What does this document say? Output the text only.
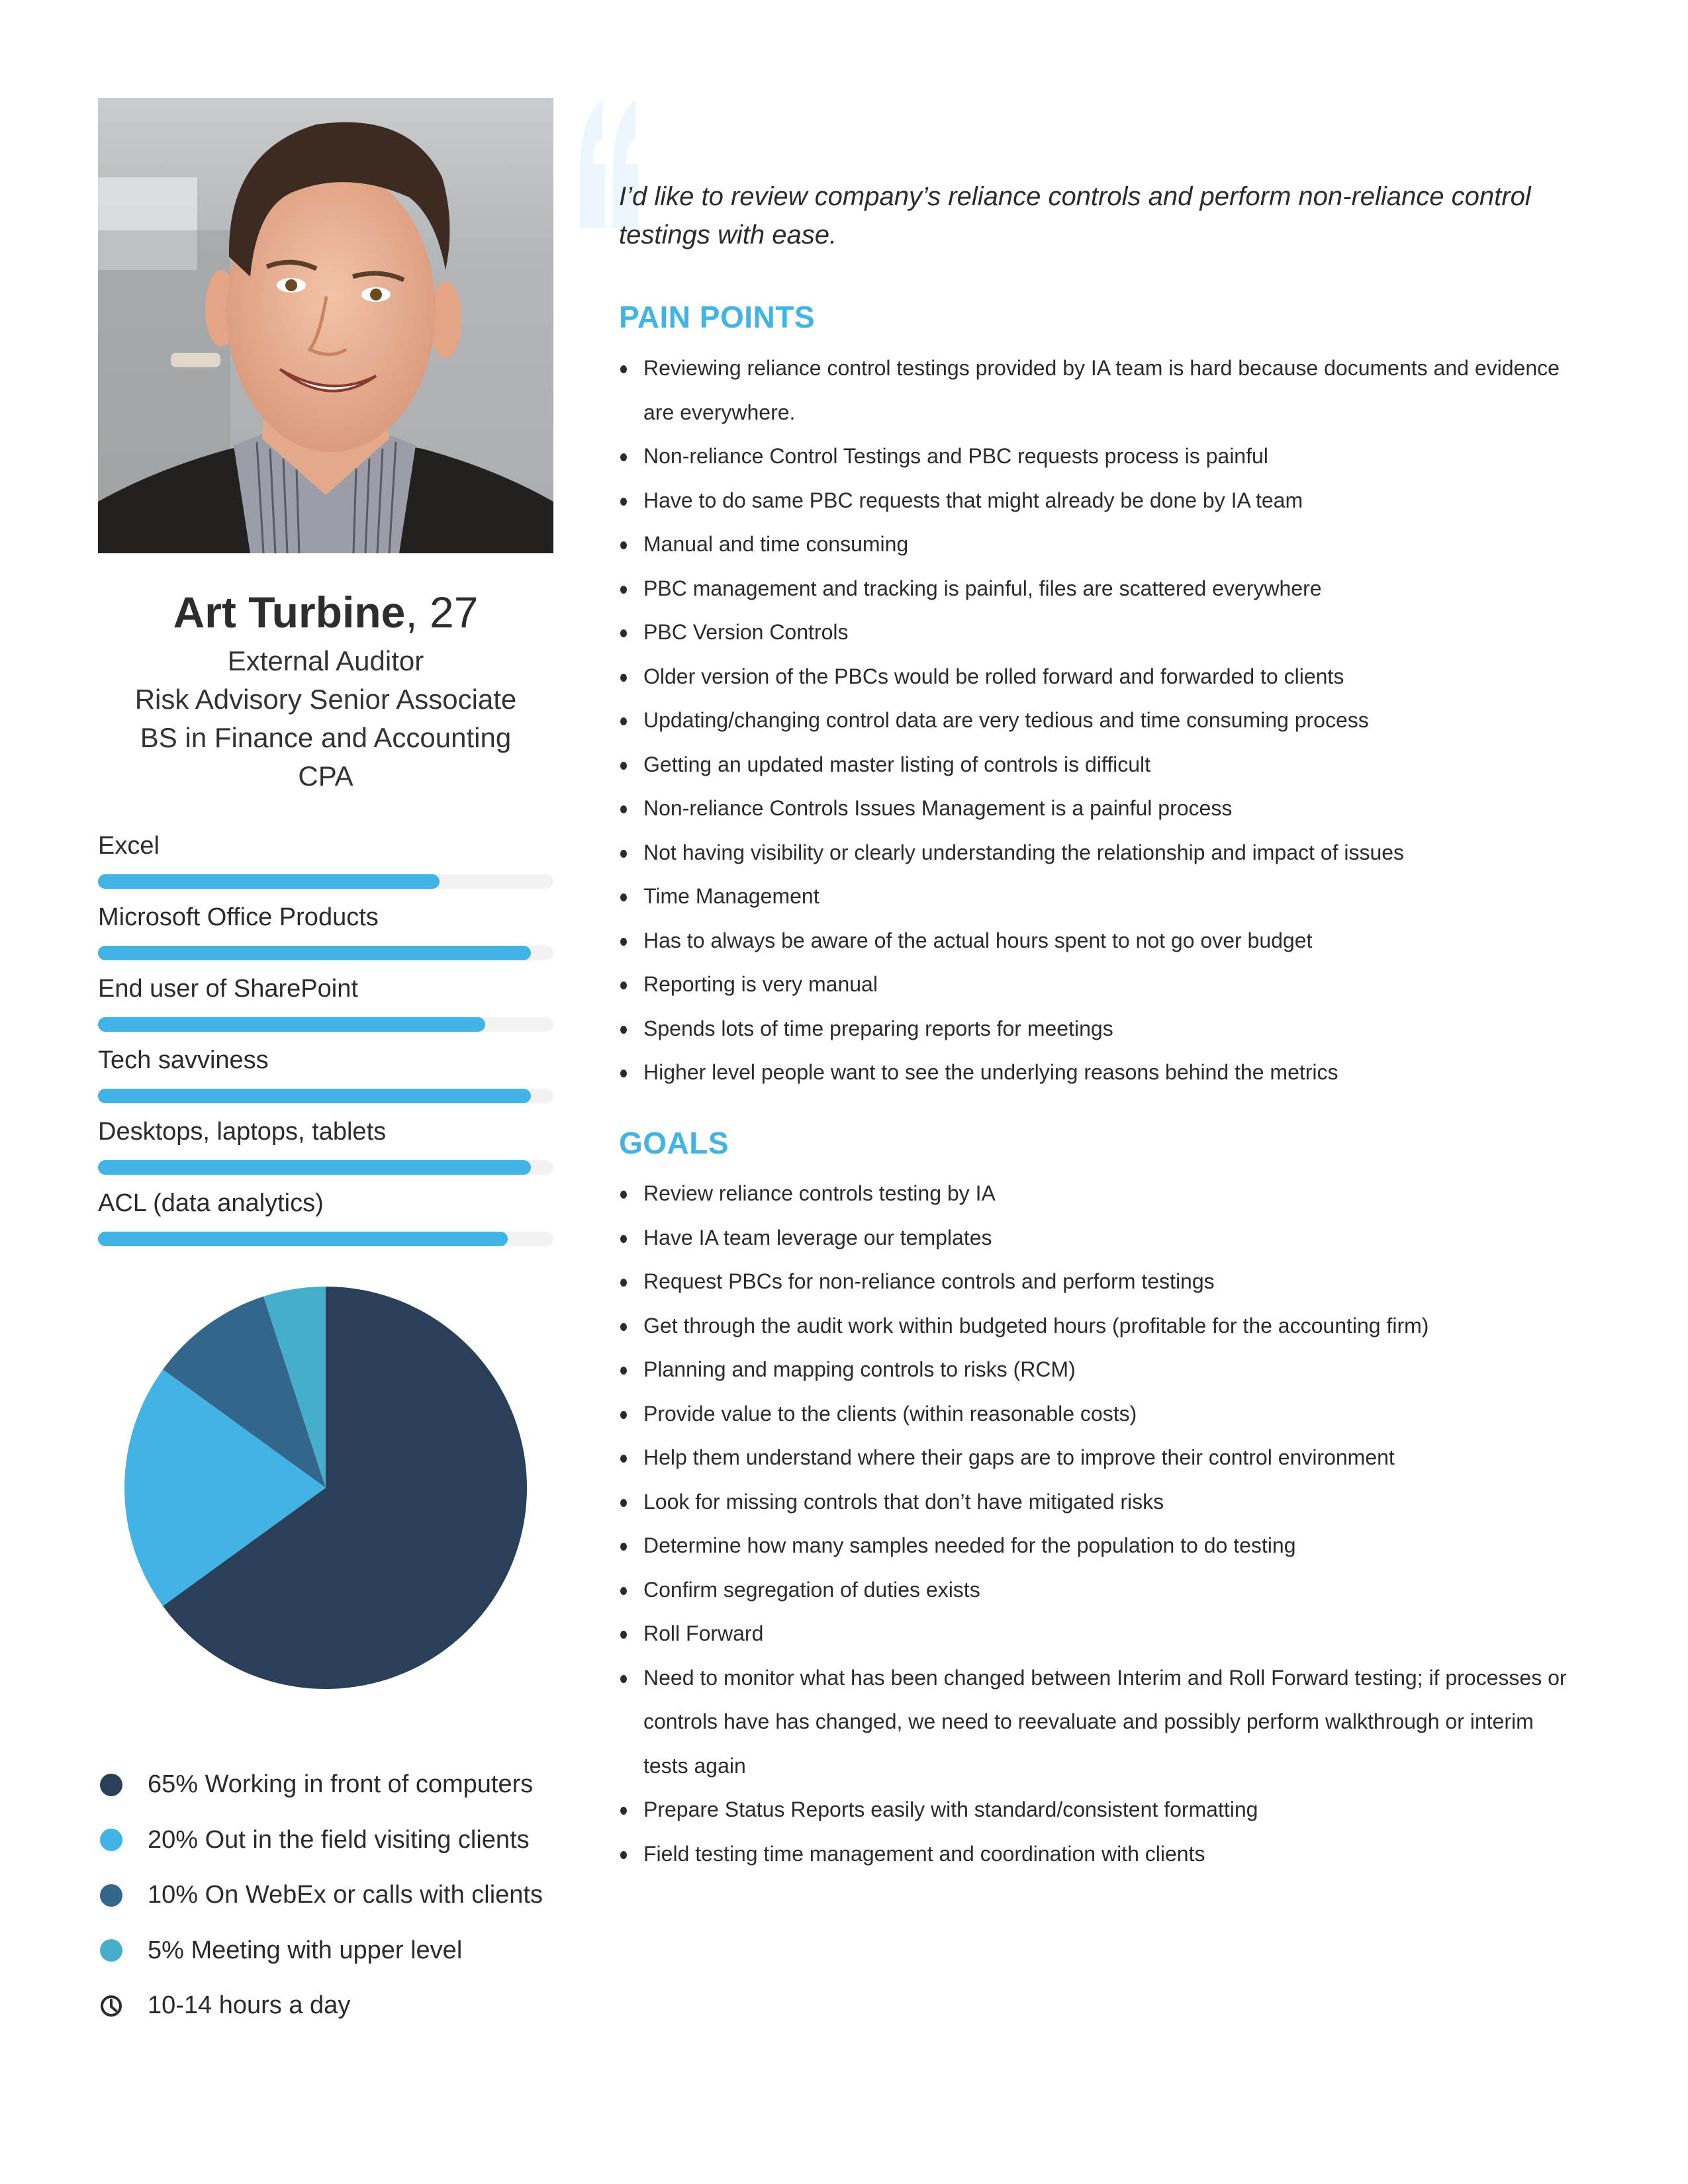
Art Turbine, 27
External Auditor
Risk Advisory Senior Associate
BS in Finance and Accounting
CPA
Excel
Microsoft Office Products
End user of SharePoint
Tech savviness
Desktops, laptops, tablets
ACL (data analytics)
65% Working in front of computers
20% Out in the field visiting clients
10% On WebEx or calls with clients
5% Meeting with upper level
10-14 hours a day
I’d like to review company’s reliance controls and perform non-reliance control testings with ease.
PAIN POINTS
Reviewing reliance control testings provided by IA team is hard because documents and evidence are everywhere.
Non-reliance Control Testings and PBC requests process is painful
Have to do same PBC requests that might already be done by IA team
Manual and time consuming
PBC management and tracking is painful, files are scattered everywhere
PBC Version Controls
Older version of the PBCs would be rolled forward and forwarded to clients
Updating/changing control data are very tedious and time consuming process
Getting an updated master listing of controls is difficult
Non-reliance Controls Issues Management is a painful process
Not having visibility or clearly understanding the relationship and impact of issues
Time Management
Has to always be aware of the actual hours spent to not go over budget
Reporting is very manual
Spends lots of time preparing reports for meetings
Higher level people want to see the underlying reasons behind the metrics
GOALS
Review reliance controls testing by IA
Have IA team leverage our templates
Request PBCs for non-reliance controls and perform testings
Get through the audit work within budgeted hours (profitable for the accounting firm)
Planning and mapping controls to risks (RCM)
Provide value to the clients (within reasonable costs)
Help them understand where their gaps are to improve their control environment
Look for missing controls that don’t have mitigated risks
Determine how many samples needed for the population to do testing
Confirm segregation of duties exists
Roll Forward
Need to monitor what has been changed between Interim and Roll Forward testing; if processes or controls have has changed, we need to reevaluate and possibly perform walkthrough or interim tests again
Prepare Status Reports easily with standard/consistent formatting
Field testing time management and coordination with clients
